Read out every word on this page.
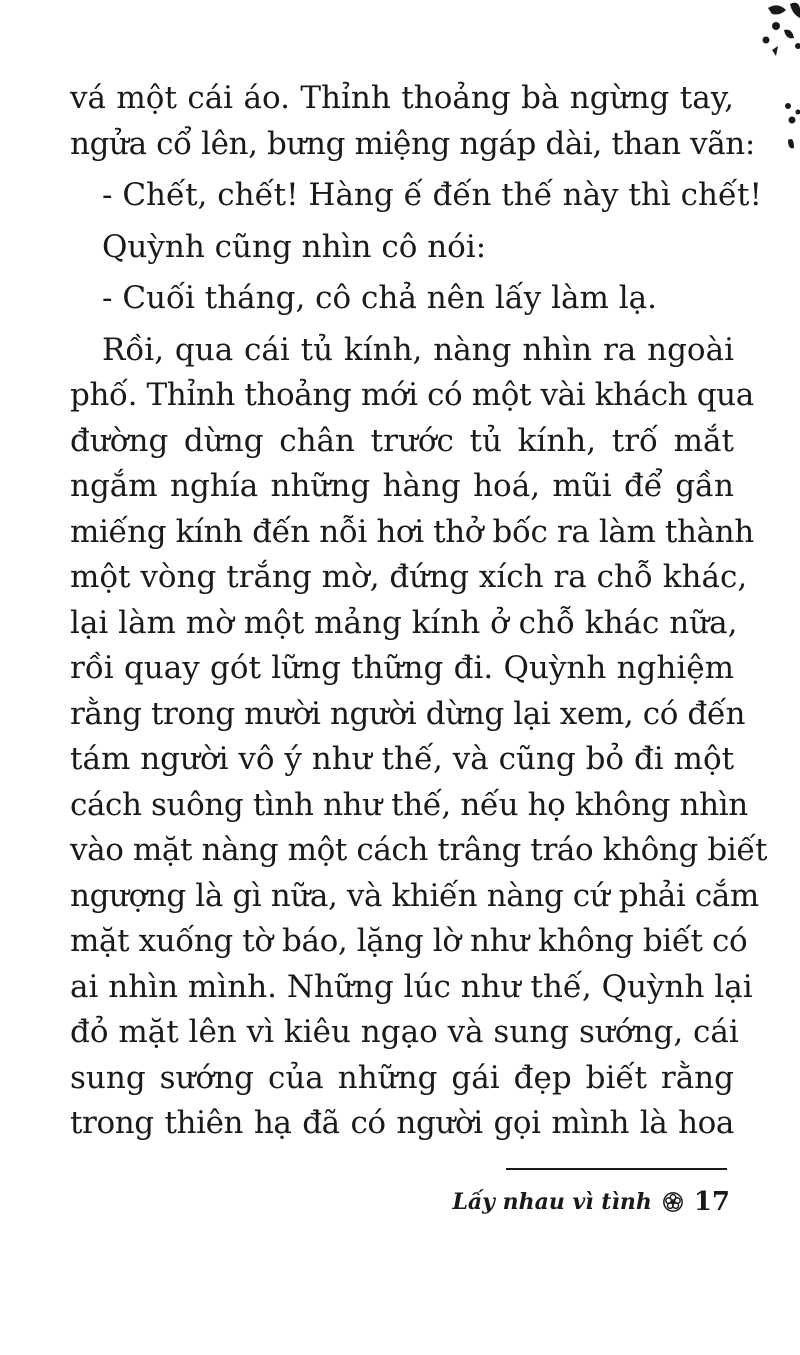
vá một cái áo. Thỉnh thoảng bà ngừng tay,
ngửa cổ lên, bưng miệng ngáp dài, than vãn:
- Chết, chết! Hàng ế đến thế này thì chết!
Quỳnh cũng nhìn cô nói:
- Cuối tháng, cô chả nên lấy làm lạ.
Rồi, qua cái tủ kính, nàng nhìn ra ngoài
phố. Thỉnh thoảng mới có một vài khách qua
đường dừng chân trước tủ kính, trố mắt
ngắm nghía những hàng hoá, mũi để gần
miếng kính đến nỗi hơi thở bốc ra làm thành
một vòng trắng mờ, đứng xích ra chỗ khác,
lại làm mờ một mảng kính ở chỗ khác nữa,
rồi quay gót lững thững đi. Quỳnh nghiệm
rằng trong mười người dừng lại xem, có đến
tám người vô ý như thế, và cũng bỏ đi một
cách suông tình như thế, nếu họ không nhìn
vào mặt nàng một cách trâng tráo không biết
ngượng là gì nữa, và khiến nàng cứ phải cắm
mặt xuống tờ báo, lặng lờ như không biết có
ai nhìn mình. Những lúc như thế, Quỳnh lại
đỏ mặt lên vì kiêu ngạo và sung sướng, cái
sung sướng của những gái đẹp biết rằng
trong thiên hạ đã có người gọi mình là hoa
Lấy nhau vì tình 17
